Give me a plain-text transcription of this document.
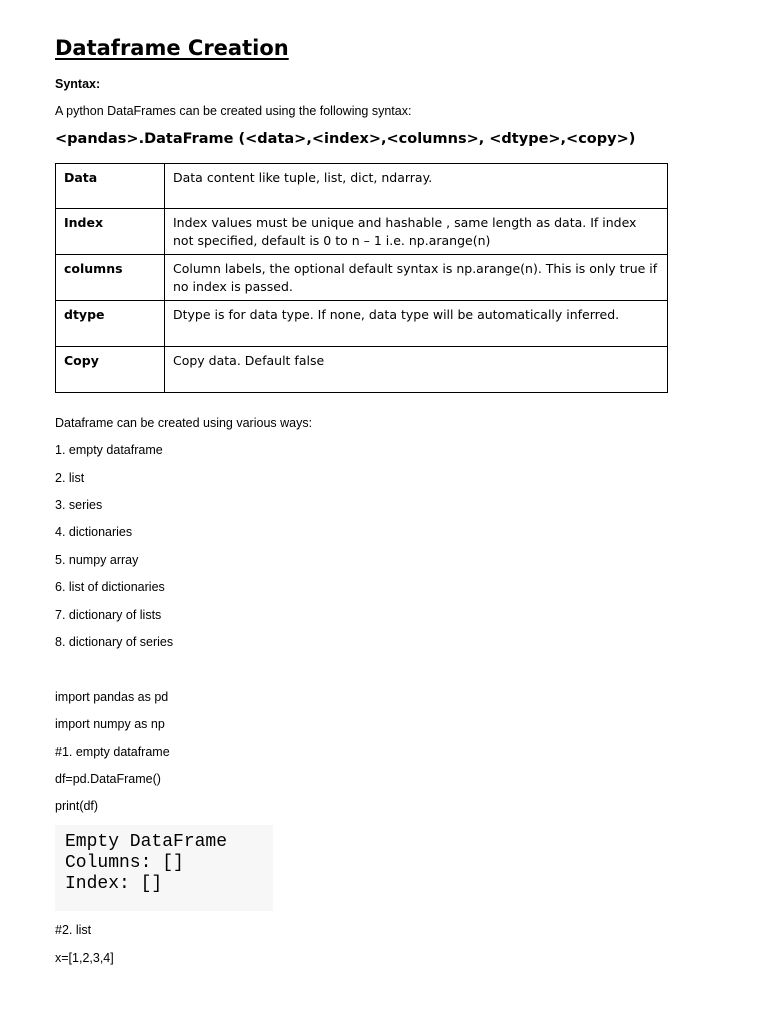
Dataframe Creation
Syntax:
A python DataFrames can be created using the following syntax:
<pandas>.DataFrame (<data>,<index>,<columns>, <dtype>,<copy>)
Data	Data content like tuple, list, dict, ndarray.
Index	Index values must be unique and hashable , same length as data. If index not specified, default is 0 to n – 1 i.e. np.arange(n)
columns	Column labels, the optional default syntax is np.arange(n). This is only true if no index is passed.
dtype	Dtype is for data type. If none, data type will be automatically inferred.
Copy	Copy data. Default false
Dataframe can be created using various ways:
1. empty dataframe
2. list
3. series
4. dictionaries
5. numpy array
6. list of dictionaries
7. dictionary of lists
8. dictionary of series
import pandas as pd
import numpy as np
#1. empty dataframe
df=pd.DataFrame()
print(df)
Empty DataFrame
Columns: []
Index: []
#2. list
x=[1,2,3,4]
